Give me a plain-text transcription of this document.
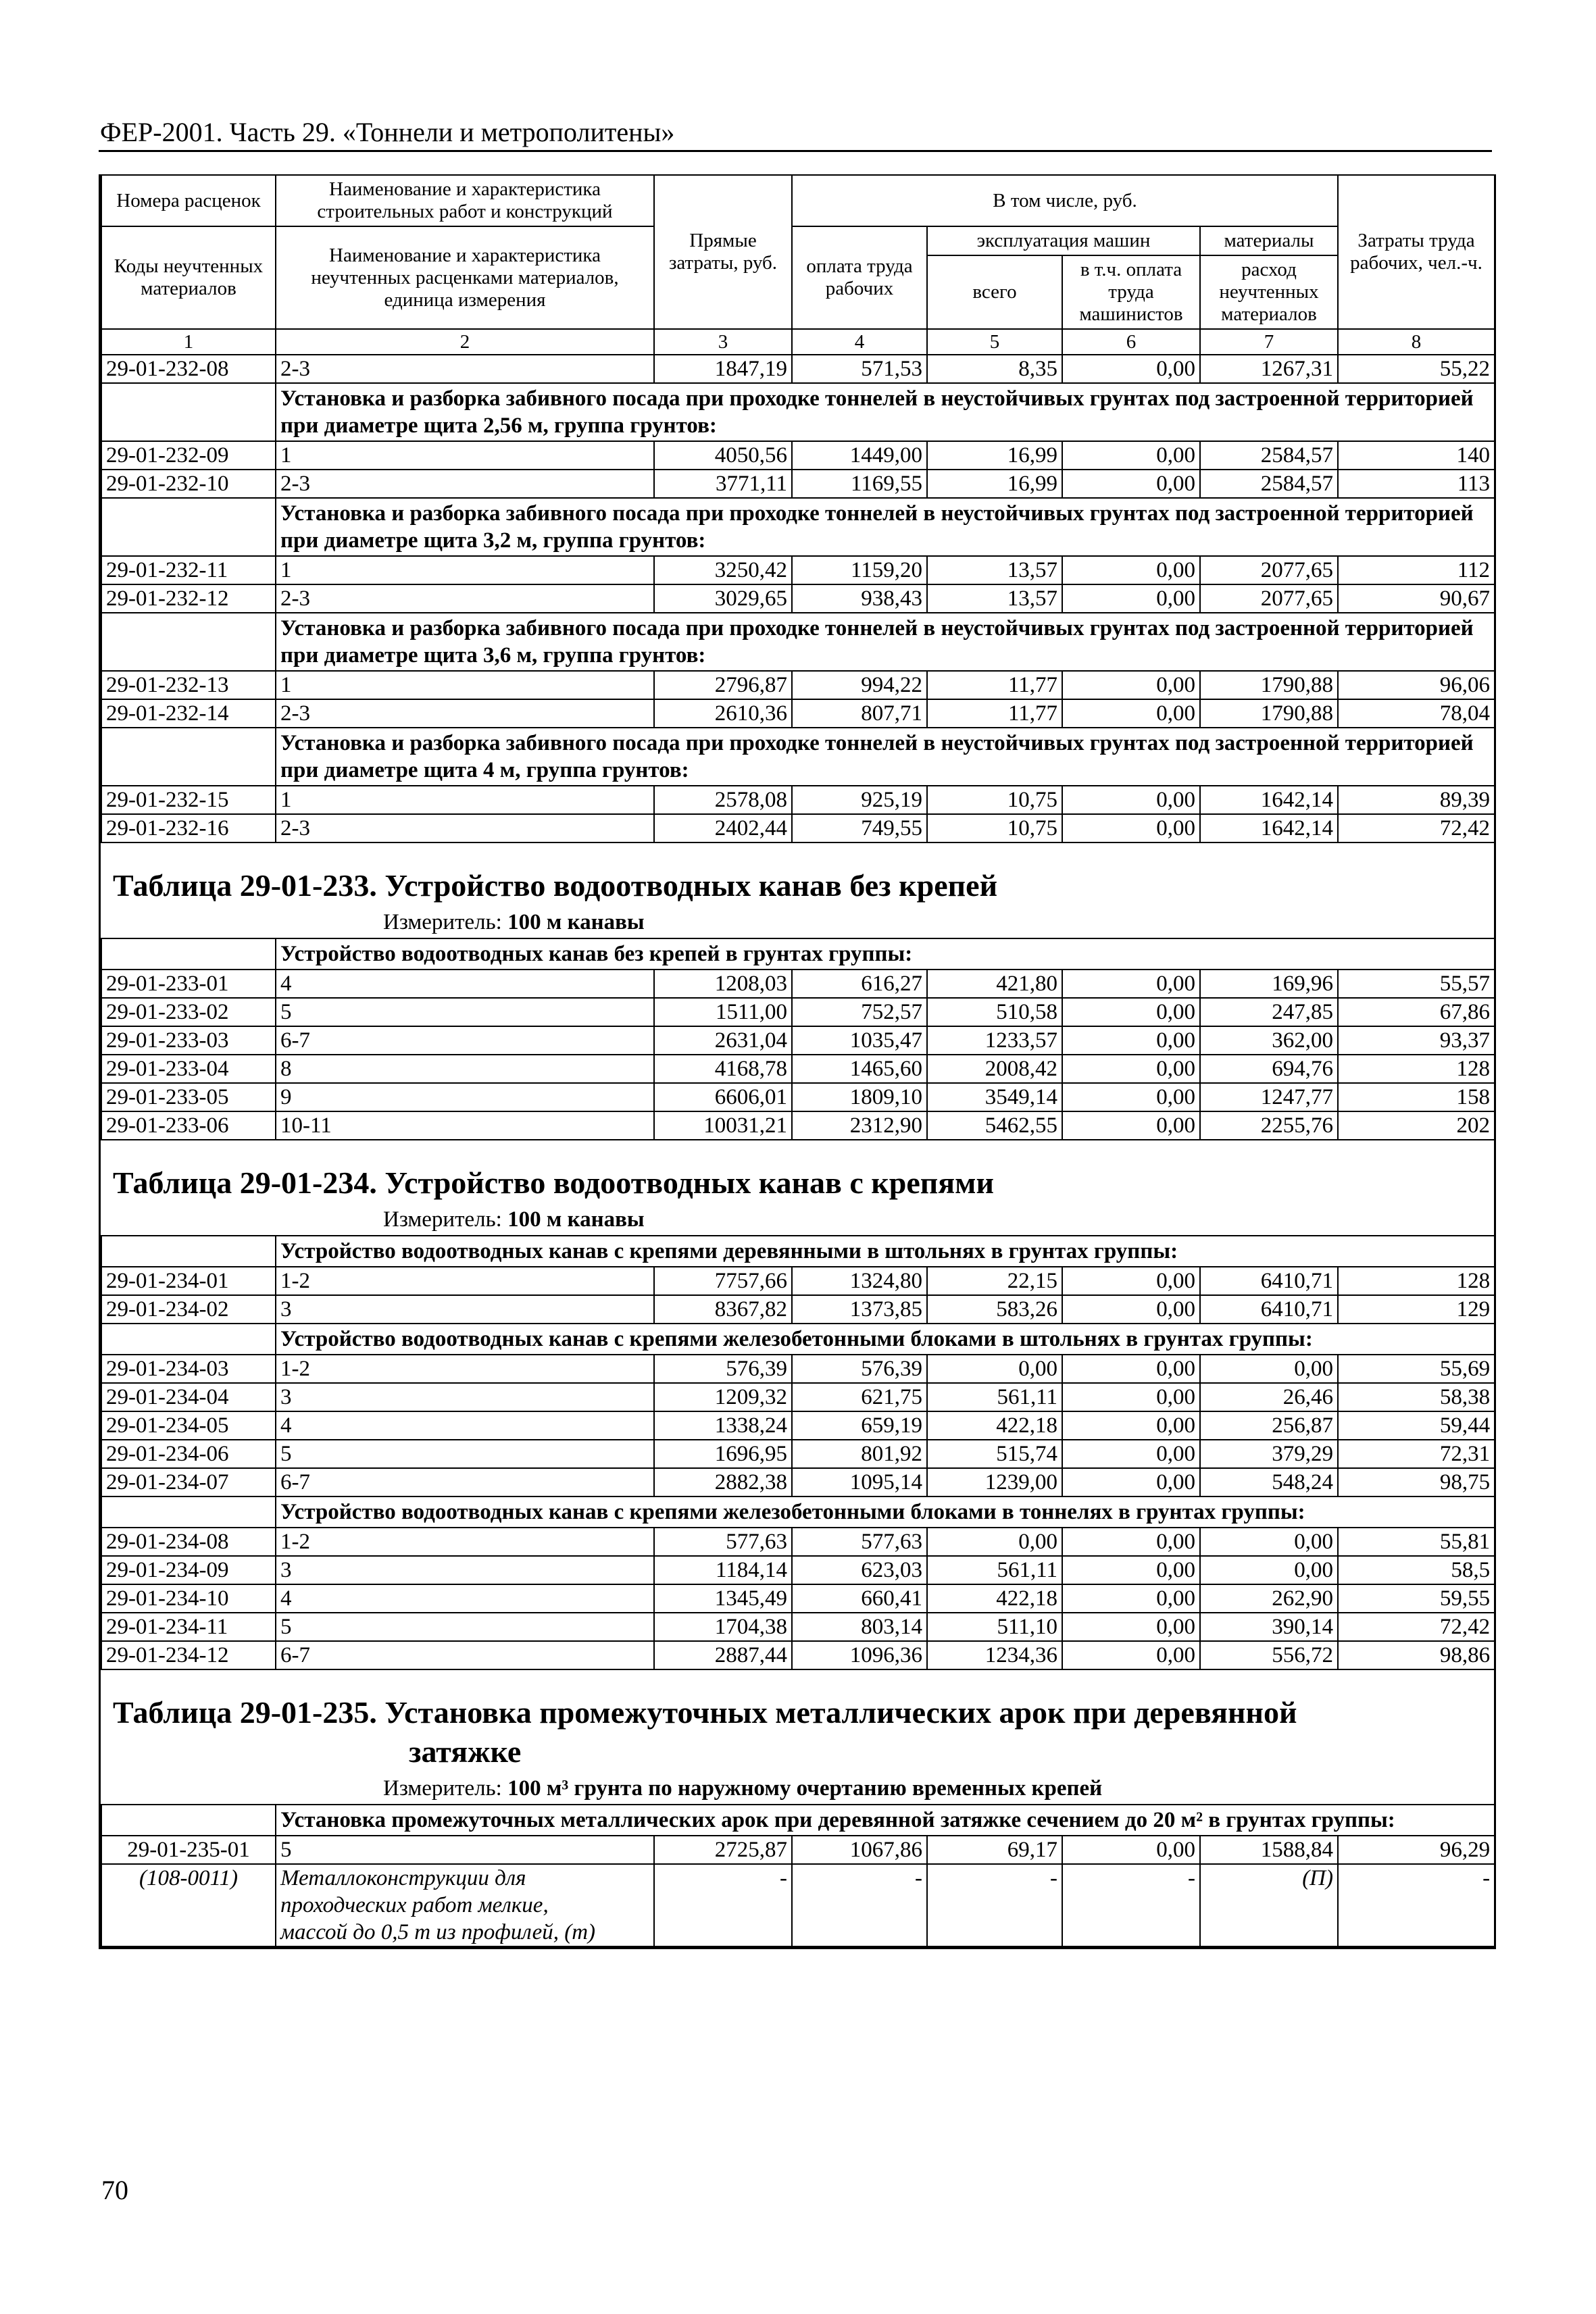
ФЕР-2001. Часть 29. «Тоннели и метрополитены»
Номера расценок	Наименование и характеристика строительных работ и конструкций	Прямые затраты, руб.	В том числе, руб.				Затраты труда рабочих, чел.-ч.
Коды неучтенных материалов	Наименование и характеристика неучтенных расценками материалов, единица измерения		оплата труда рабочих	эксплуатация машин		материалы	
				всего	в т.ч. оплата труда машинистов	расход неучтенных материалов	
1	2	3	4	5	6	7	8
29-01-232-08	2-3	1847,19	571,53	8,35	0,00	1267,31	55,22
	Установка и разборка забивного посада при проходке тоннелей в неустойчивых грунтах под застроенной территорией при диаметре щита 2,56 м, группа грунтов:						
29-01-232-09	1	4050,56	1449,00	16,99	0,00	2584,57	140
29-01-232-10	2-3	3771,11	1169,55	16,99	0,00	2584,57	113
	Установка и разборка забивного посада при проходке тоннелей в неустойчивых грунтах под застроенной территорией при диаметре щита 3,2 м, группа грунтов:						
29-01-232-11	1	3250,42	1159,20	13,57	0,00	2077,65	112
29-01-232-12	2-3	3029,65	938,43	13,57	0,00	2077,65	90,67
	Установка и разборка забивного посада при проходке тоннелей в неустойчивых грунтах под застроенной территорией при диаметре щита 3,6 м, группа грунтов:						
29-01-232-13	1	2796,87	994,22	11,77	0,00	1790,88	96,06
29-01-232-14	2-3	2610,36	807,71	11,77	0,00	1790,88	78,04
	Установка и разборка забивного посада при проходке тоннелей в неустойчивых грунтах под застроенной территорией при диаметре щита 4 м, группа грунтов:						
29-01-232-15	1	2578,08	925,19	10,75	0,00	1642,14	89,39
29-01-232-16	2-3	2402,44	749,55	10,75	0,00	1642,14	72,42
Таблица 29-01-233. Устройство водоотводных канав без крепей
Измеритель: 100 м канавы
	Устройство водоотводных канав без крепей в грунтах группы:						
29-01-233-01	4	1208,03	616,27	421,80	0,00	169,96	55,57
29-01-233-02	5	1511,00	752,57	510,58	0,00	247,85	67,86
29-01-233-03	6-7	2631,04	1035,47	1233,57	0,00	362,00	93,37
29-01-233-04	8	4168,78	1465,60	2008,42	0,00	694,76	128
29-01-233-05	9	6606,01	1809,10	3549,14	0,00	1247,77	158
29-01-233-06	10-11	10031,21	2312,90	5462,55	0,00	2255,76	202
Таблица 29-01-234. Устройство водоотводных канав с крепями
Измеритель: 100 м канавы
	Устройство водоотводных канав с крепями деревянными в штольнях в грунтах группы:						
29-01-234-01	1-2	7757,66	1324,80	22,15	0,00	6410,71	128
29-01-234-02	3	8367,82	1373,85	583,26	0,00	6410,71	129
	Устройство водоотводных канав с крепями железобетонными блоками в штольнях в грунтах группы:						
29-01-234-03	1-2	576,39	576,39	0,00	0,00	0,00	55,69
29-01-234-04	3	1209,32	621,75	561,11	0,00	26,46	58,38
29-01-234-05	4	1338,24	659,19	422,18	0,00	256,87	59,44
29-01-234-06	5	1696,95	801,92	515,74	0,00	379,29	72,31
29-01-234-07	6-7	2882,38	1095,14	1239,00	0,00	548,24	98,75
	Устройство водоотводных канав с крепями железобетонными блоками в тоннелях в грунтах группы:						
29-01-234-08	1-2	577,63	577,63	0,00	0,00	0,00	55,81
29-01-234-09	3	1184,14	623,03	561,11	0,00	0,00	58,5
29-01-234-10	4	1345,49	660,41	422,18	0,00	262,90	59,55
29-01-234-11	5	1704,38	803,14	511,10	0,00	390,14	72,42
29-01-234-12	6-7	2887,44	1096,36	1234,36	0,00	556,72	98,86
Таблица 29-01-235. Установка промежуточных металлических арок при деревянной
затяжке
Измеритель: 100 м³ грунта по наружному очертанию временных крепей
	Установка промежуточных металлических арок при деревянной затяжке сечением до 20 м² в грунтах группы:						
29-01-235-01	5	2725,87	1067,86	69,17	0,00	1588,84	96,29
(108-0011)	Металлоконструкции для
проходческих работ мелкие,
массой до 0,5 т из профилей, (т)	-	-	-	-	(П)	-
70
